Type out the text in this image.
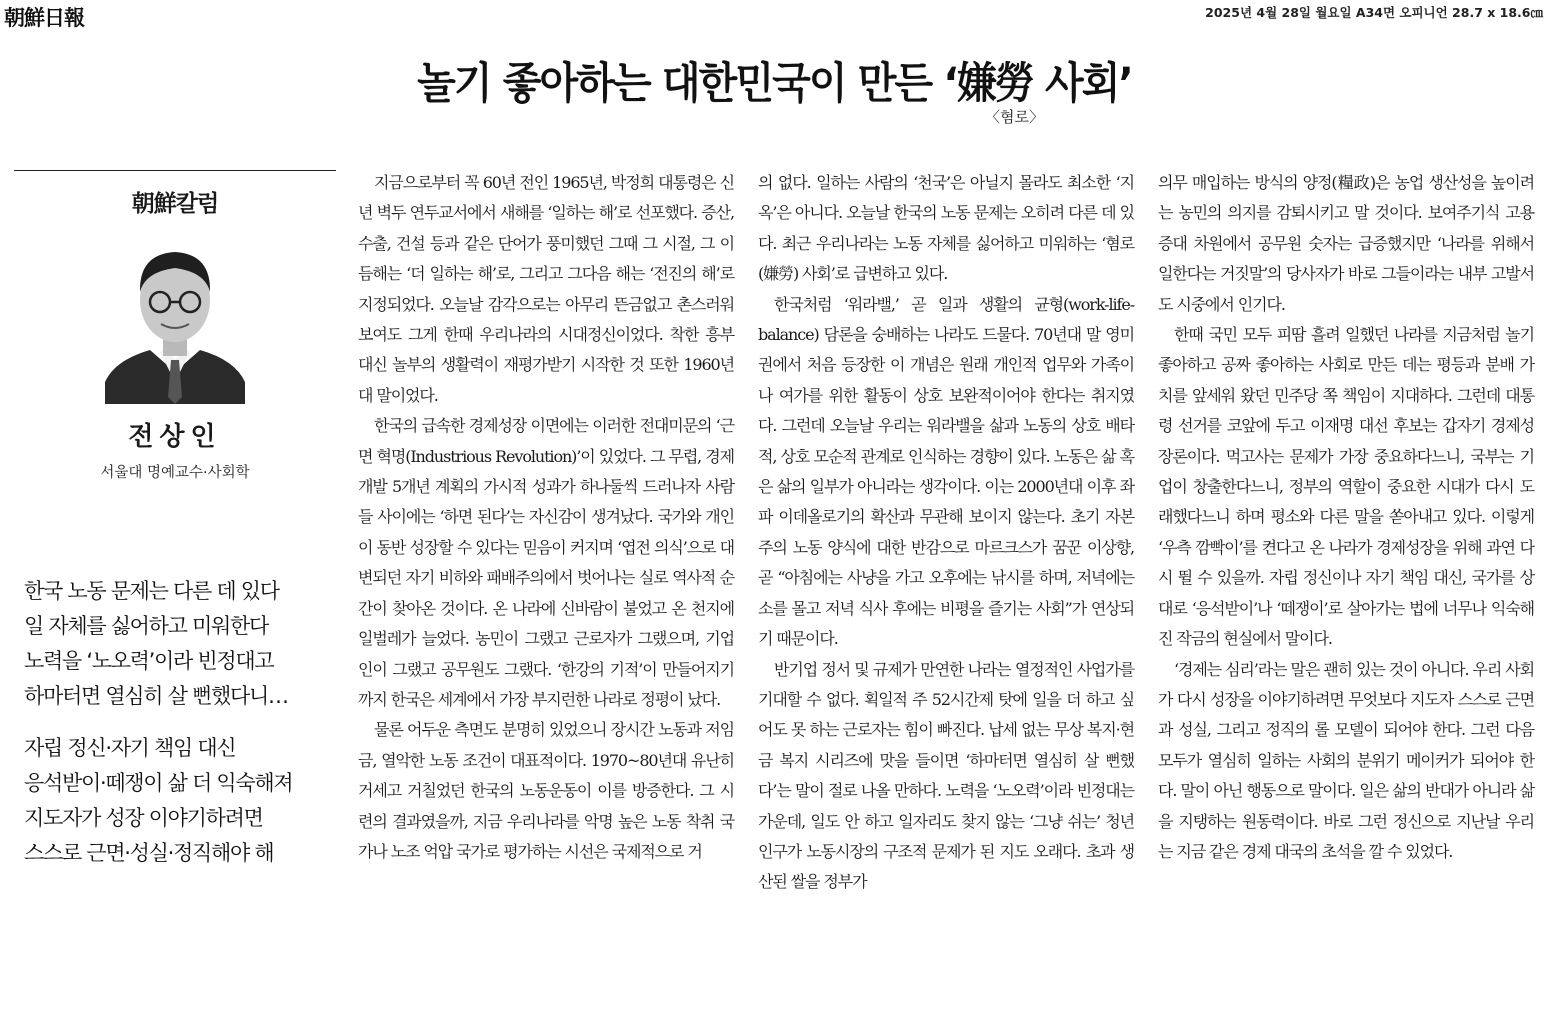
朝鮮日報	2025년 4월 28일 월요일 A34면 오피니언 28.7 x 18.6㎝
놀기 좋아하는 대한민국이 만든 ‘嫌勞 사회’
〈혐로〉
朝鮮칼럼
전상인
서울대 명예교수·사회학
한국 노동 문제는 다른 데 있다
일 자체를 싫어하고 미워한다
노력을 ‘노오력’이라 빈정대고
하마터면 열심히 살 뻔했다니…
자립 정신·자기 책임 대신
응석받이·떼쟁이 삶 더 익숙해져
지도자가 성장 이야기하려면
스스로 근면·성실·정직해야 해

지금으로부터 꼭 60년 전인 1965년, 박정희 대통령은 신년 벽두 연두교서에서 새해를 ‘일하는 해’로 선포했다. 증산, 수출, 건설 등과 같은 단어가 풍미했던 그때 그 시절, 그 이듬해는 ‘더 일하는 해’로, 그리고 그다음 해는 ‘전진의 해’로 지정되었다. 오늘날 감각으로는 아무리 뜬금없고 촌스러워 보여도 그게 한때 우리나라의 시대정신이었다. 착한 흥부 대신 놀부의 생활력이 재평가받기 시작한 것 또한 1960년대 말이었다.

한국의 급속한 경제성장 이면에는 이러한 전대미문의 ‘근면 혁명(Industrious Revolution)’이 있었다. 그 무렵, 경제개발 5개년 계획의 가시적 성과가 하나둘씩 드러나자 사람들 사이에는 ‘하면 된다’는 자신감이 생겨났다. 국가와 개인이 동반 성장할 수 있다는 믿음이 커지며 ‘엽전 의식’으로 대변되던 자기 비하와 패배주의에서 벗어나는 실로 역사적 순간이 찾아온 것이다. 온 나라에 신바람이 불었고 온 천지에 일벌레가 늘었다. 농민이 그랬고 근로자가 그랬으며, 기업인이 그랬고 공무원도 그랬다. ‘한강의 기적’이 만들어지기까지 한국은 세계에서 가장 부지런한 나라로 정평이 났다.

물론 어두운 측면도 분명히 있었으니 장시간 노동과 저임금, 열악한 노동 조건이 대표적이다. 1970~80년대 유난히 거세고 거칠었던 한국의 노동운동이 이를 방증한다. 그 시련의 결과였을까, 지금 우리나라를 악명 높은 노동 착취 국가나 노조 억압 국가로 평가하는 시선은 국제적으로 거

의 없다. 일하는 사람의 ‘천국’은 아닐지 몰라도 최소한 ‘지옥’은 아니다. 오늘날 한국의 노동 문제는 오히려 다른 데 있다. 최근 우리나라는 노동 자체를 싫어하고 미워하는 ‘혐로(嫌勞) 사회’로 급변하고 있다.

한국처럼 ‘워라밸,’ 곧 일과 생활의 균형(work-life-balance) 담론을 숭배하는 나라도 드물다. 70년대 말 영미권에서 처음 등장한 이 개념은 원래 개인적 업무와 가족이나 여가를 위한 활동이 상호 보완적이어야 한다는 취지였다. 그런데 오늘날 우리는 워라밸을 삶과 노동의 상호 배타적, 상호 모순적 관계로 인식하는 경향이 있다. 노동은 삶 혹은 삶의 일부가 아니라는 생각이다. 이는 2000년대 이후 좌파 이데올로기의 확산과 무관해 보이지 않는다. 초기 자본주의 노동 양식에 대한 반감으로 마르크스가 꿈꾼 이상향, 곧 “아침에는 사냥을 가고 오후에는 낚시를 하며, 저녁에는 소를 몰고 저녁 식사 후에는 비평을 즐기는 사회”가 연상되기 때문이다.

반기업 정서 및 규제가 만연한 나라는 열정적인 사업가를 기대할 수 없다. 획일적 주 52시간제 탓에 일을 더 하고 싶어도 못 하는 근로자는 힘이 빠진다. 납세 없는 무상 복지·현금 복지 시리즈에 맛을 들이면 ‘하마터면 열심히 살 뻔했다’는 말이 절로 나올 만하다. 노력을 ‘노오력’이라 빈정대는 가운데, 일도 안 하고 일자리도 찾지 않는 ‘그냥 쉬는’ 청년 인구가 노동시장의 구조적 문제가 된 지도 오래다. 초과 생산된 쌀을 정부가

의무 매입하는 방식의 양정(糧政)은 농업 생산성을 높이려는 농민의 의지를 감퇴시키고 말 것이다. 보여주기식 고용 증대 차원에서 공무원 숫자는 급증했지만 ‘나라를 위해서 일한다는 거짓말’의 당사자가 바로 그들이라는 내부 고발서도 시중에서 인기다.

한때 국민 모두 피땀 흘려 일했던 나라를 지금처럼 놀기 좋아하고 공짜 좋아하는 사회로 만든 데는 평등과 분배 가치를 앞세워 왔던 민주당 쪽 책임이 지대하다. 그런데 대통령 선거를 코앞에 두고 이재명 대선 후보는 갑자기 경제성장론이다. 먹고사는 문제가 가장 중요하다느니, 국부는 기업이 창출한다느니, 정부의 역할이 중요한 시대가 다시 도래했다느니 하며 평소와 다른 말을 쏟아내고 있다. 이렇게 ‘우측 깜빡이’를 켠다고 온 나라가 경제성장을 위해 과연 다시 뛸 수 있을까. 자립 정신이나 자기 책임 대신, 국가를 상대로 ‘응석받이’나 ‘떼쟁이’로 살아가는 법에 너무나 익숙해진 작금의 현실에서 말이다.

‘경제는 심리’라는 말은 괜히 있는 것이 아니다. 우리 사회가 다시 성장을 이야기하려면 무엇보다 지도자 스스로 근면과 성실, 그리고 정직의 롤 모델이 되어야 한다. 그런 다음 모두가 열심히 일하는 사회의 분위기 메이커가 되어야 한다. 말이 아닌 행동으로 말이다. 일은 삶의 반대가 아니라 삶을 지탱하는 원동력이다. 바로 그런 정신으로 지난날 우리는 지금 같은 경제 대국의 초석을 깔 수 있었다.
